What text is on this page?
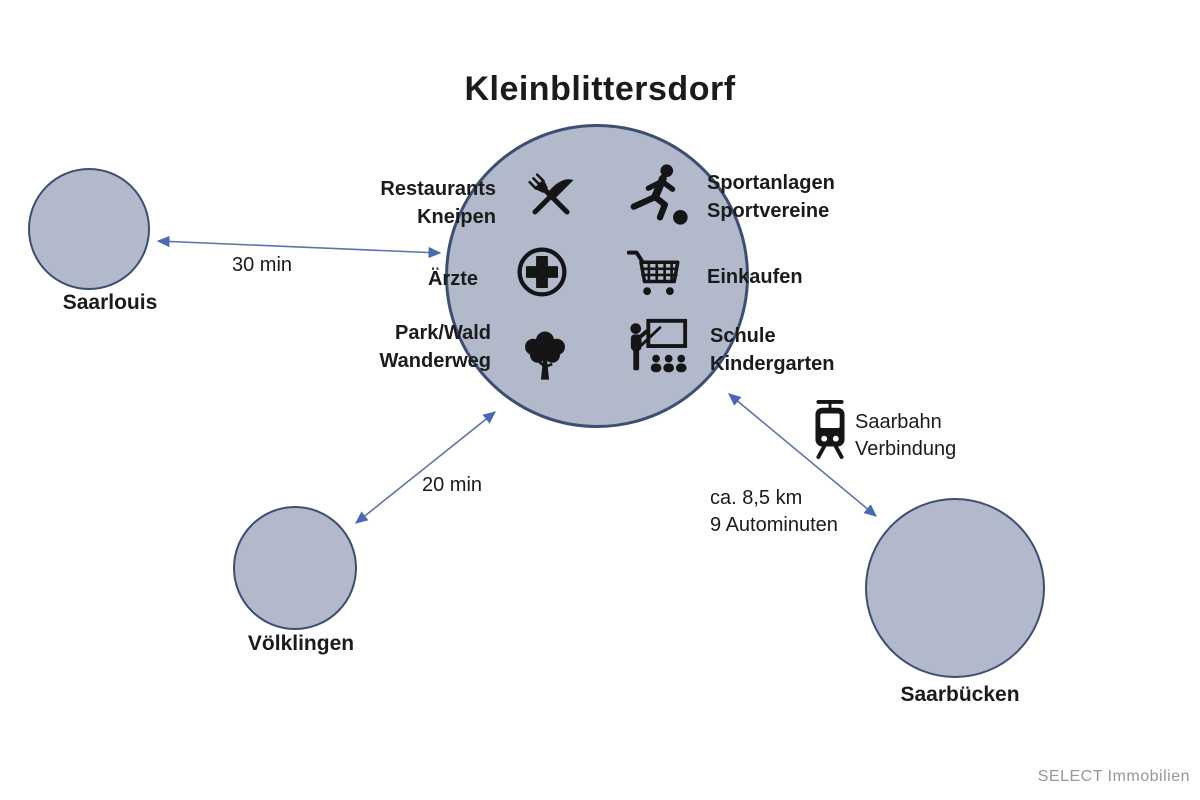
Kleinblittersdorf
Restaurants
Kneipen
Ärzte
Park/Wald
Wanderweg
Sportanlagen
Sportvereine
Einkaufen
Schule
Kindergarten
30 min
20 min
ca. 8,5 km
9 Autominuten
Saarbahn
Verbindung
Saarlouis
Völklingen
Saarbücken
SELECT Immobilien
